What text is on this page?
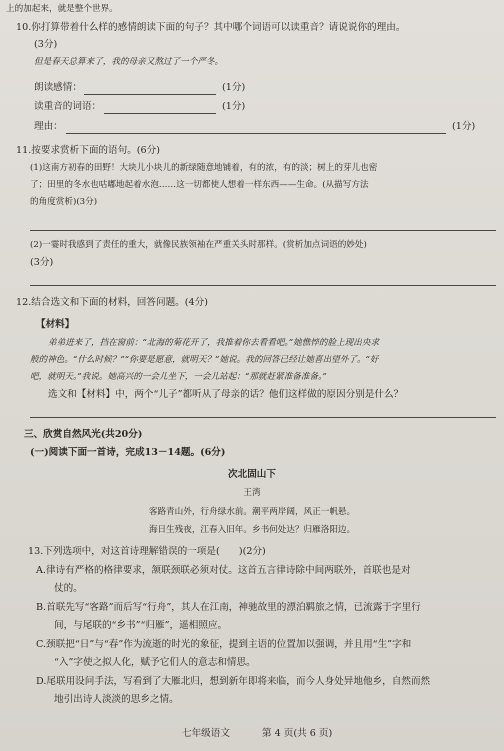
上的加起来，就是整个世界。
10.你打算带着什么样的感情朗读下面的句子？其中哪个词语可以读重音？请说说你的理由。
(3分)
但是春天总算来了，我的母亲又熬过了一个严冬。
朗读感情：	(1分)
读重音的词语：	(1分)
理由：	(1分)
11.按要求赏析下面的语句。(6分)
(1)这南方初春的田野！大块儿小块儿的新绿随意地铺着，有的浓，有的淡；树上的芽儿也密
了；田里的冬水也咕嘟地起着水泡……这一切都使人想着一样东西——生命。(从描写方法
的角度赏析)(3分)
(2)一霎时我感到了责任的重大，就像民族领袖在严重关头时那样。(赏析加点词语的妙处)
(3分)
12.结合选文和下面的材料，回答问题。(4分)
【材料】
弟弟进来了，挡在窗前：“北海的菊花开了，我推着你去看看吧。”她憔悴的脸上现出央求
般的神色。“什么时候？”“你要是愿意，就明天？”她说。我的回答已经让她喜出望外了。“好
吧，就明天。”我说。她高兴的一会儿坐下，一会儿站起：“那就赶紧准备准备。”
选文和【材料】中，两个“儿子”都听从了母亲的话？他们这样做的原因分别是什么？
三、欣赏自然风光(共20分)
(一)阅读下面一首诗，完成13－14题。(6分)
次北固山下
王湾
客路青山外，行舟绿水前。潮平两岸阔，风正一帆悬。
海日生残夜，江春入旧年。乡书何处达？归雁洛阳边。
13.下列选项中，对这首诗理解错误的一项是(　　)(2分)
A.律诗有严格的格律要求，颔联颈联必须对仗。这首五言律诗除中间两联外，首联也是对
仗的。
B.首联先写“客路”而后写“行舟”，其人在江南，神驰故里的漂泊羁旅之情，已流露于字里行
间，与尾联的“乡书”“归雁”，遥相照应。
C.颈联把“日”与“春”作为流逝的时光的象征，提到主语的位置加以强调，并且用“生”字和
“入”字使之拟人化，赋予它们人的意志和情思。
D.尾联用设问手法，写看到了大雁北归，想到新年即将来临，而今人身处异地他乡，自然而然
地引出诗人淡淡的思乡之情。
七年级语文	第 4 页(共 6 页)
